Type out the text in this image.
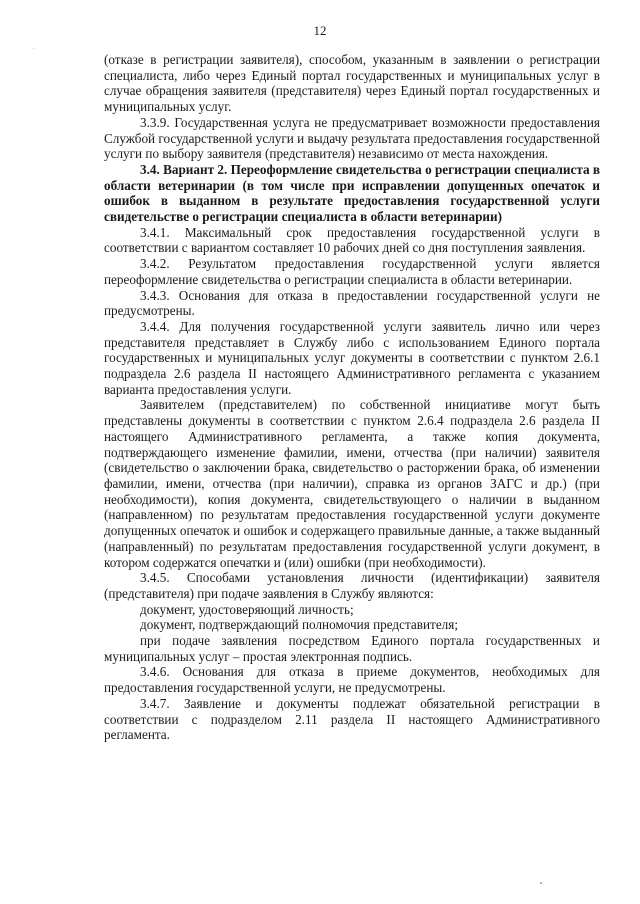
12

(отказе в регистрации заявителя), способом, указанным в заявлении о регистрации специалиста, либо через Единый портал государственных и муниципальных услуг в случае обращения заявителя (представителя) через Единый портал государственных и муниципальных услуг.

3.3.9. Государственная услуга не предусматривает возможности предоставления Службой государственной услуги и выдачу результата предоставления государственной услуги по выбору заявителя (представителя) независимо от места нахождения.

3.4. Вариант 2. Переоформление свидетельства о регистрации специалиста в области ветеринарии (в том числе при исправлении допущенных опечаток и ошибок в выданном в результате предоставления государственной услуги свидетельстве о регистрации специалиста в области ветеринарии)

3.4.1. Максимальный срок предоставления государственной услуги в соответствии с вариантом составляет 10 рабочих дней со дня поступления заявления.

3.4.2. Результатом предоставления государственной услуги является переоформление свидетельства о регистрации специалиста в области ветеринарии.

3.4.3. Основания для отказа в предоставлении государственной услуги не предусмотрены.

3.4.4. Для получения государственной услуги заявитель лично или через представителя представляет в Службу либо с использованием Единого портала государственных и муниципальных услуг документы в соответствии с пунктом 2.6.1 подраздела 2.6 раздела II настоящего Административного регламента с указанием варианта предоставления услуги.

Заявителем (представителем) по собственной инициативе могут быть представлены документы в соответствии с пунктом 2.6.4 подраздела 2.6 раздела II настоящего Административного регламента, а также копия документа, подтверждающего изменение фамилии, имени, отчества (при наличии) заявителя (свидетельство о заключении брака, свидетельство о расторжении брака, об изменении фамилии, имени, отчества (при наличии), справка из органов ЗАГС и др.) (при необходимости), копия документа, свидетельствующего о наличии в выданном (направленном) по результатам предоставления государственной услуги документе допущенных опечаток и ошибок и содержащего правильные данные, а также выданный (направленный) по результатам предоставления государственной услуги документ, в котором содержатся опечатки и (или) ошибки (при необходимости).

3.4.5. Способами установления личности (идентификации) заявителя (представителя) при подаче заявления в Службу являются:

документ, удостоверяющий личность;

документ, подтверждающий полномочия представителя;

при подаче заявления посредством Единого портала государственных и муниципальных услуг – простая электронная подпись.

3.4.6. Основания для отказа в приеме документов, необходимых для предоставления государственной услуги, не предусмотрены.

3.4.7. Заявление и документы подлежат обязательной регистрации в соответствии с подразделом 2.11 раздела II настоящего Административного регламента.
